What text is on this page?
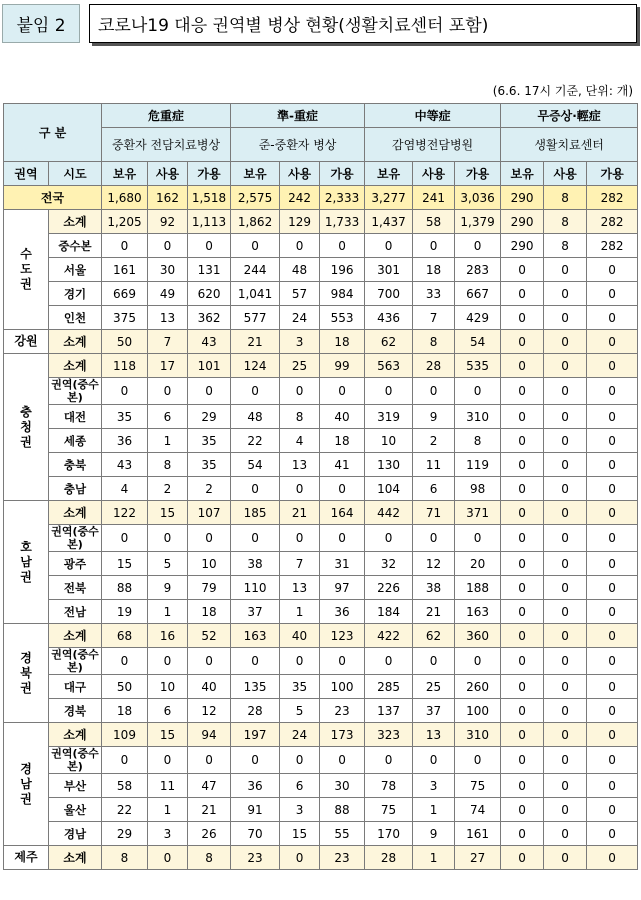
붙임 2	코로나19 대응 권역별 병상 현황(생활치료센터 포함)
(6.6. 17시 기준, 단위: 개)
구 분		危重症			準-重症			中等症			무증상·輕症		
		중환자 전담치료병상			준-중환자 병상			감염병전담병원			생활치료센터		
권역	시도	보유	사용	가용	보유	사용	가용	보유	사용	가용	보유	사용	가용
전국		1,680	162	1,518	2,575	242	2,333	3,277	241	3,036	290	8	282
수도권	소계	1,205	92	1,113	1,862	129	1,733	1,437	58	1,379	290	8	282
	중수본	0	0	0	0	0	0	0	0	0	290	8	282
	서울	161	30	131	244	48	196	301	18	283	0	0	0
	경기	669	49	620	1,041	57	984	700	33	667	0	0	0
	인천	375	13	362	577	24	553	436	7	429	0	0	0
강원	소계	50	7	43	21	3	18	62	8	54	0	0	0
충청권	소계	118	17	101	124	25	99	563	28	535	0	0	0
	권역(중수본)	0	0	0	0	0	0	0	0	0	0	0	0
	대전	35	6	29	48	8	40	319	9	310	0	0	0
	세종	36	1	35	22	4	18	10	2	8	0	0	0
	충북	43	8	35	54	13	41	130	11	119	0	0	0
	충남	4	2	2	0	0	0	104	6	98	0	0	0
호남권	소계	122	15	107	185	21	164	442	71	371	0	0	0
	권역(중수본)	0	0	0	0	0	0	0	0	0	0	0	0
	광주	15	5	10	38	7	31	32	12	20	0	0	0
	전북	88	9	79	110	13	97	226	38	188	0	0	0
	전남	19	1	18	37	1	36	184	21	163	0	0	0
경북권	소계	68	16	52	163	40	123	422	62	360	0	0	0
	권역(중수본)	0	0	0	0	0	0	0	0	0	0	0	0
	대구	50	10	40	135	35	100	285	25	260	0	0	0
	경북	18	6	12	28	5	23	137	37	100	0	0	0
경남권	소계	109	15	94	197	24	173	323	13	310	0	0	0
	권역(중수본)	0	0	0	0	0	0	0	0	0	0	0	0
	부산	58	11	47	36	6	30	78	3	75	0	0	0
	울산	22	1	21	91	3	88	75	1	74	0	0	0
	경남	29	3	26	70	15	55	170	9	161	0	0	0
제주	소계	8	0	8	23	0	23	28	1	27	0	0	0
